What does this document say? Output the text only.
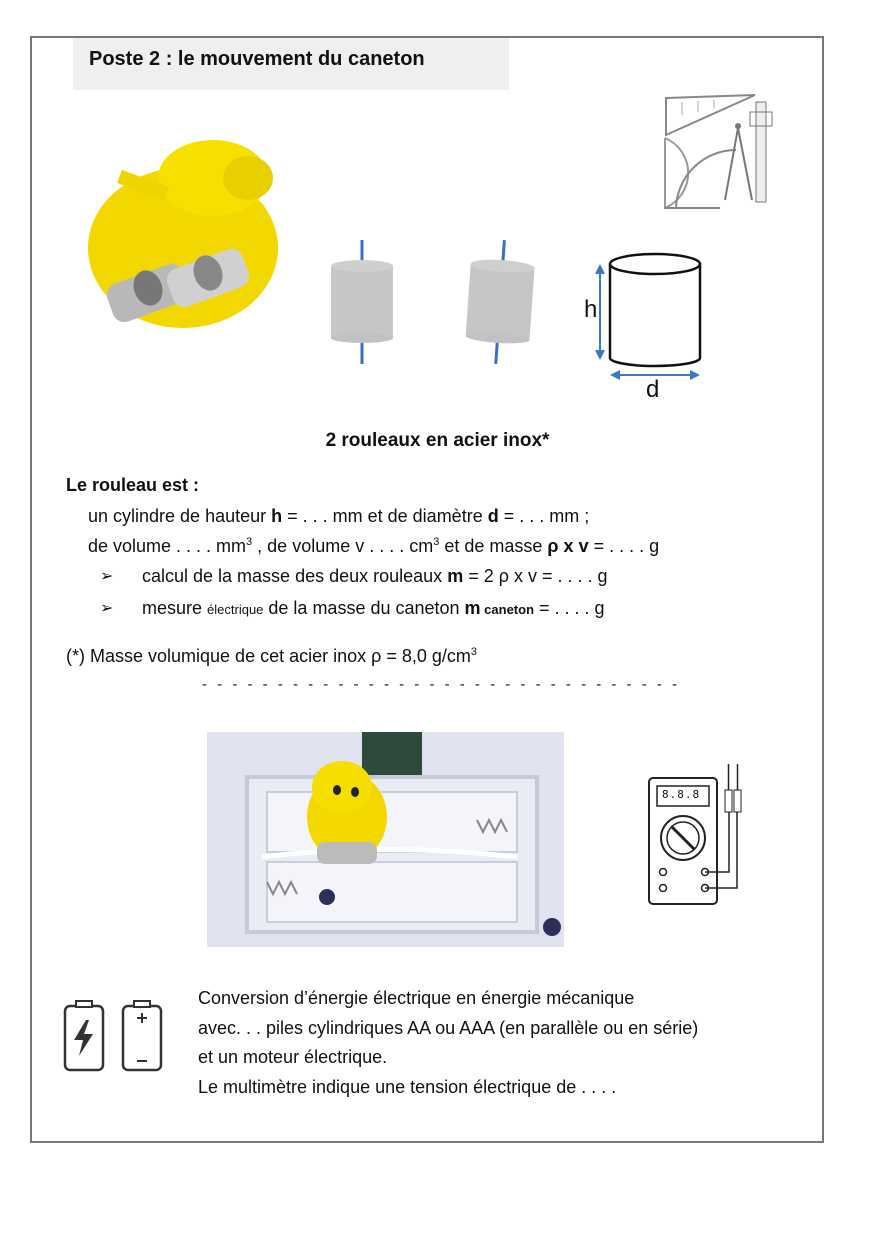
Poste 2 : le mouvement du caneton
h
d
2 rouleaux en acier inox*
Le rouleau est :
un cylindre de hauteur h = . . . mm et de diamètre d = . . . mm ;
de volume . . . . $mm^3$ , de volume v . . . . $cm^3$ et de masse ρ x v = . . . . g
➢ calcul de la masse des deux rouleaux m = 2 ρ x v = . . . . g
➢ mesure électrique de la masse du caneton m caneton = . . . . g
(*) Masse volumique de cet acier inox ρ = 8,0 $g/cm^3$
- - - - - - - - - - - - - - - - - - - - - - - - - - - - - - - -
8.8.8
Conversion d’énergie électrique en énergie mécanique
avec. . . piles cylindriques AA ou AAA (en parallèle ou en série)
et un moteur électrique.
Le multimètre indique une tension électrique de . . . .
